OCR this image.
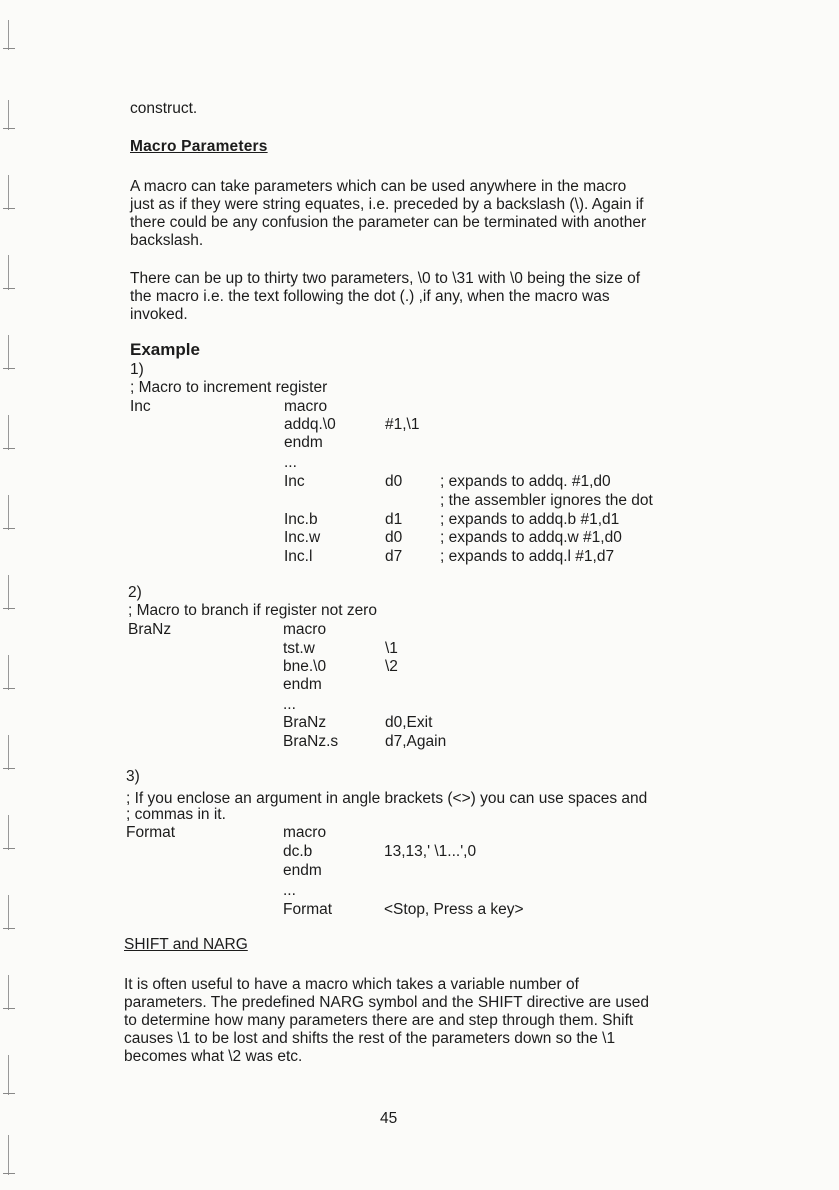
construct.
Macro Parameters
A macro can take parameters which can be used anywhere in the macro
just as if they were string equates, i.e. preceded by a backslash (\). Again if
there could be any confusion the parameter can be terminated with another
backslash.
There can be up to thirty two parameters, \0 to \31 with \0 being the size of
the macro i.e. the text following the dot (.) ,if any, when the macro was
invoked.
Example
1)
; Macro to increment register
Inc	macro
addq.\0	#1,\1
endm
...
Inc	d0 ; expands to addq. #1,d0
; the assembler ignores the dot
Inc.b	d1 ; expands to addq.b #1,d1
Inc.w	d0 ; expands to addq.w #1,d0
Inc.l	d7 ; expands to addq.l #1,d7
2)
; Macro to branch if register not zero
BraNz	macro
tst.w	\1
bne.\0	\2
endm
...
BraNz	d0,Exit
BraNz.s	d7,Again
3)
; If you enclose an argument in angle brackets (<>) you can use spaces and
; commas in it.
Format	macro
dc.b	13,13,' \1...',0
endm
...
Format	<Stop, Press a key>
SHIFT and NARG
It is often useful to have a macro which takes a variable number of
parameters. The predefined NARG symbol and the SHIFT directive are used
to determine how many parameters there are and step through them. Shift
causes \1 to be lost and shifts the rest of the parameters down so the \1
becomes what \2 was etc.
45
